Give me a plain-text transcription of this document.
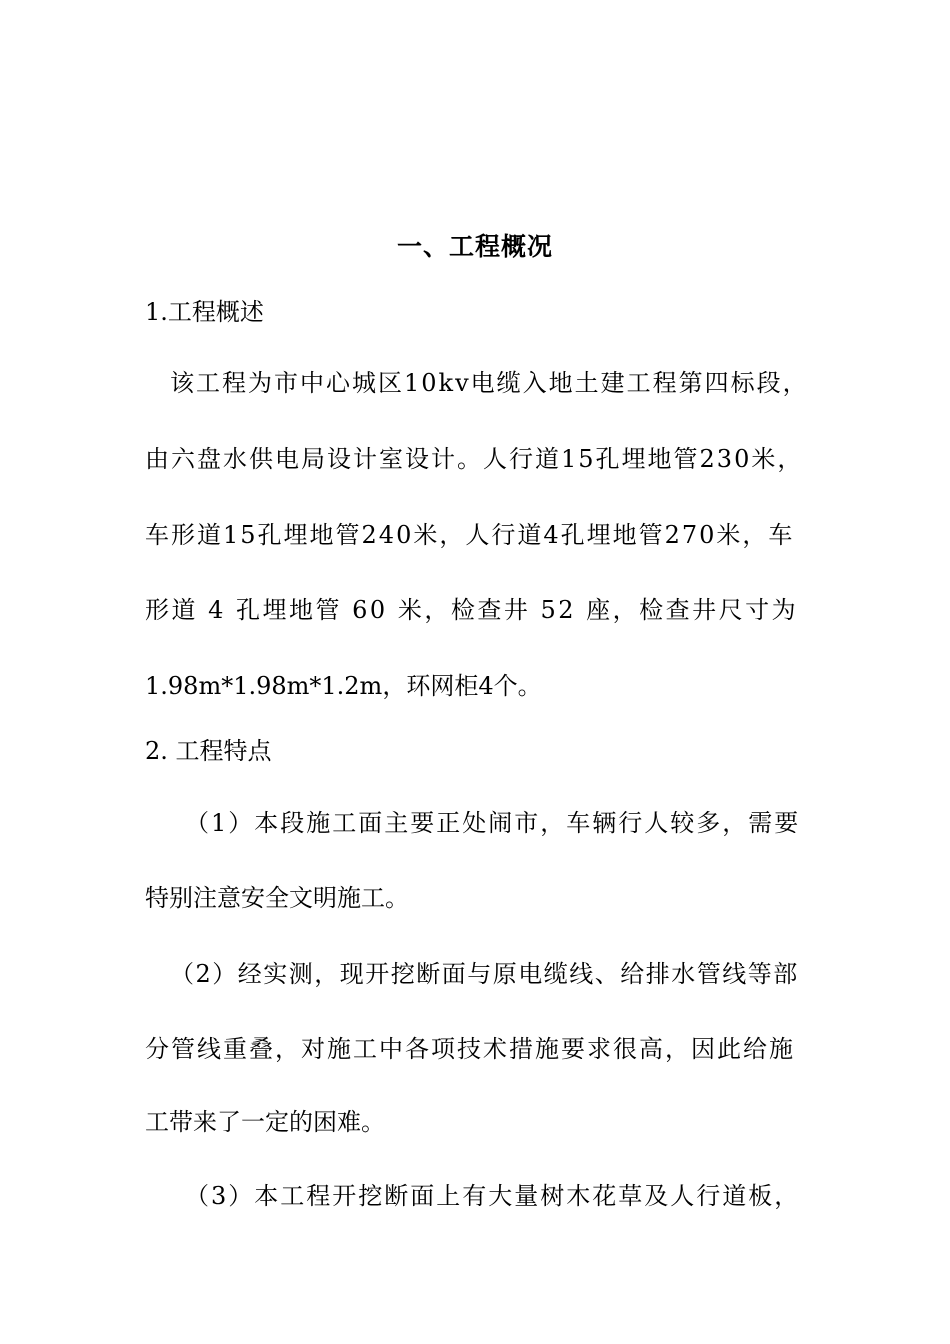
一、工程概况
1.工程概述
该工程为市中心城区10kv电缆入地土建工程第四标段，
由六盘水供电局设计室设计。人行道15孔埋地管230米，
车形道15孔埋地管240米，人行道4孔埋地管270米，车
形道 4 孔埋地管 60 米，检查井 52 座，检查井尺寸为
1.98m*1.98m*1.2m，环网柜4个。
2. 工程特点
（1）本段施工面主要正处闹市，车辆行人较多，需要
特别注意安全文明施工。
（2）经实测，现开挖断面与原电缆线、给排水管线等部
分管线重叠，对施工中各项技术措施要求很高，因此给施
工带来了一定的困难。
（3）本工程开挖断面上有大量树木花草及人行道板，
